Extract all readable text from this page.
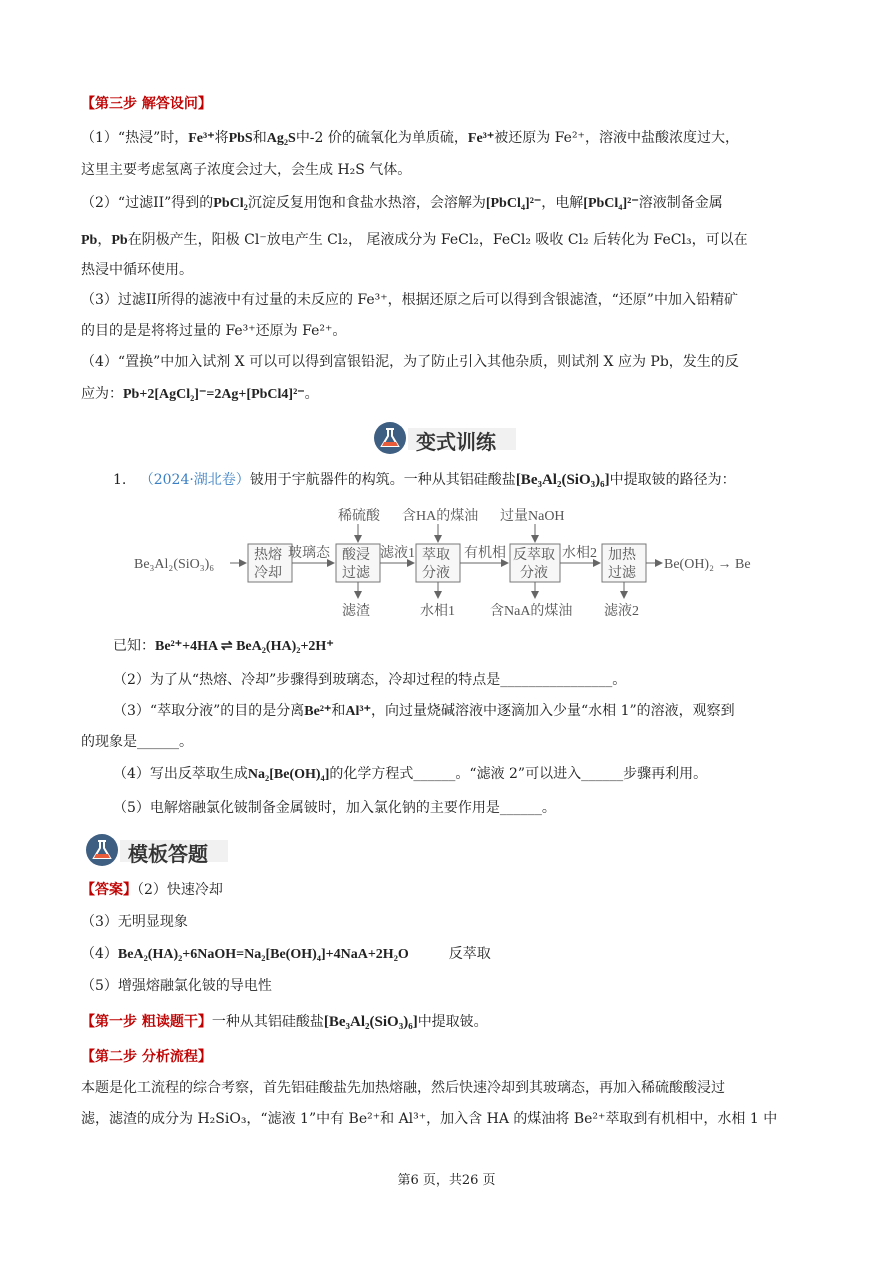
【第三步 解答设问】
（1）“热浸”时，Fe³⁺将PbS和Ag₂S中-2 价的硫氧化为单质硫，Fe³⁺被还原为 Fe²⁺，溶液中盐酸浓度过大，
这里主要考虑氢离子浓度会过大，会生成 H₂S 气体。
（2）“过滤II”得到的PbCl₂沉淀反复用饱和食盐水热溶，会溶解为[PbCl₄]²⁻，电解[PbCl₄]²⁻溶液制备金属
Pb，Pb在阴极产生，阳极 Cl⁻放电产生 Cl₂， 尾液成分为 FeCl₂，FeCl₂ 吸收 Cl₂ 后转化为 FeCl₃，可以在
热浸中循环使用。
（3）过滤II所得的滤液中有过量的未反应的 Fe³⁺，根据还原之后可以得到含银滤渣，“还原”中加入铅精矿
的目的是是将将过量的 Fe³⁺还原为 Fe²⁺。
（4）“置换”中加入试剂 X 可以可以得到富银铅泥，为了防止引入其他杂质，则试剂 X 应为 Pb，发生的反
应为：Pb+2[AgCl₂]⁻=2Ag+[PbCl4]²⁻。
变式训练
1. （2024·湖北卷）铍用于宇航器件的构筑。一种从其铝硅酸盐[Be₃Al₂(SiO₃)₆]中提取铍的路径为：
Be₃Al₂(SiO₃)₆
热熔
冷却
玻璃态 酸浸
过滤
稀硫酸
滤渣
滤液1 萃取
分液
含HA的煤油
水相1
有机相 反萃取
分液
过量NaOH
含NaA的煤油
水相2 加热
过滤
滤液2
Be(OH)₂ → Be
已知：Be²⁺+4HA ⇌ BeA₂(HA)₂+2H⁺
（2）为了从“热熔、冷却”步骤得到玻璃态，冷却过程的特点是________________。
（3）“萃取分液”的目的是分离Be²⁺和Al³⁺，向过量烧碱溶液中逐滴加入少量“水相 1”的溶液，观察到
的现象是______。
（4）写出反萃取生成Na₂[Be(OH)₄]的化学方程式______。“滤液 2”可以进入______步骤再利用。
（5）电解熔融氯化铍制备金属铍时，加入氯化钠的主要作用是______。
模板答题
【答案】（2）快速冷却
（3）无明显现象
（4）BeA₂(HA)₂+6NaOH=Na₂[Be(OH)₄]+4NaA+2H₂O	反萃取
（5）增强熔融氯化铍的导电性
【第一步 粗读题干】一种从其铝硅酸盐[Be₃Al₂(SiO₃)₆]中提取铍。
【第二步 分析流程】
本题是化工流程的综合考察，首先铝硅酸盐先加热熔融，然后快速冷却到其玻璃态，再加入稀硫酸酸浸过
滤，滤渣的成分为 H₂SiO₃，“滤液 1”中有 Be²⁺和 Al³⁺，加入含 HA 的煤油将 Be²⁺萃取到有机相中，水相 1 中
第6 页，共26 页
